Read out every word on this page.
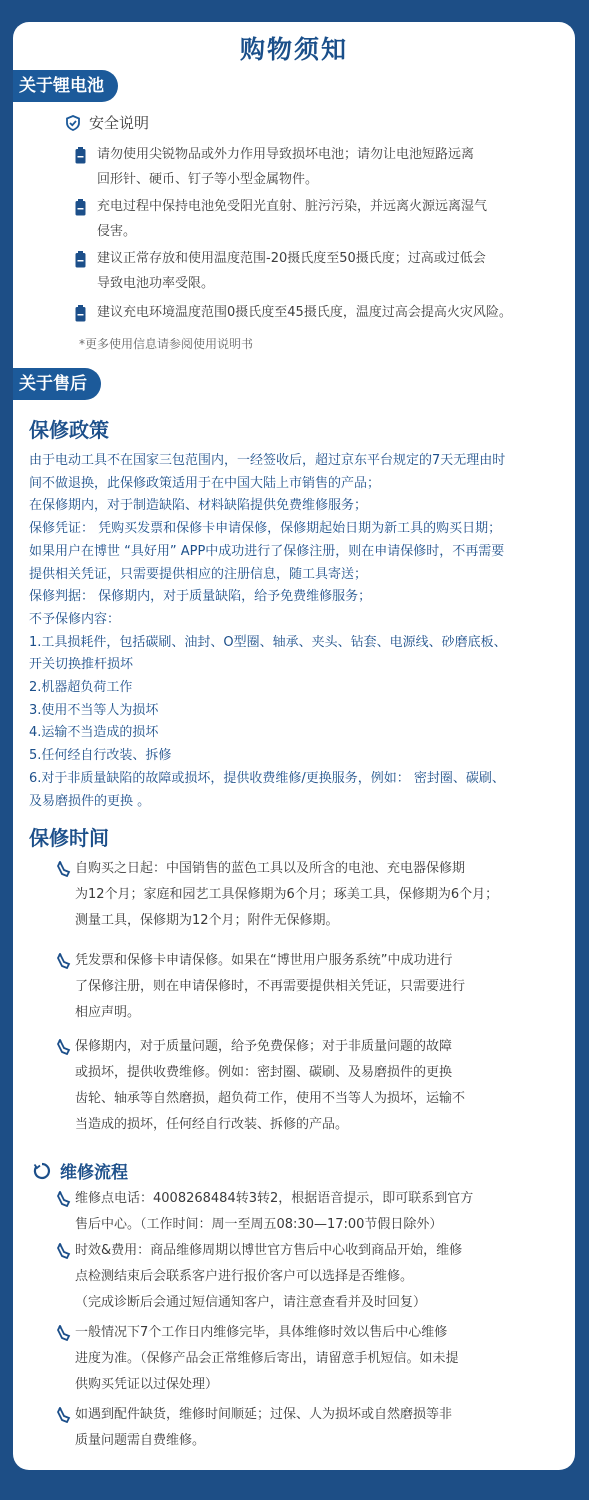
购物须知
关于锂电池
安全说明
请勿使用尖锐物品或外力作用导致损坏电池；请勿让电池短路远离
回形针、硬币、钉子等小型金属物件。
充电过程中保持电池免受阳光直射、脏污污染，并远离火源远离湿气
侵害。
建议正常存放和使用温度范围-20摄氏度至50摄氏度；过高或过低会
导致电池功率受限。
建议充电环境温度范围0摄氏度至45摄氏度，温度过高会提高火灾风险。
*更多使用信息请参阅使用说明书
关于售后
保修政策
由于电动工具不在国家三包范围内，一经签收后，超过京东平台规定的7天无理由时
间不做退换，此保修政策适用于在中国大陆上市销售的产品；
在保修期内，对于制造缺陷、材料缺陷提供免费维修服务；
保修凭证： 凭购买发票和保修卡申请保修，保修期起始日期为新工具的购买日期；
如果用户在博世 “具好用” APP中成功进行了保修注册，则在申请保修时，不再需要
提供相关凭证，只需要提供相应的注册信息，随工具寄送；
保修判据： 保修期内，对于质量缺陷，给予免费维修服务；
不予保修内容：
1.工具损耗件，包括碳刷、油封、O型圈、轴承、夹头、钻套、电源线、砂磨底板、
开关切换推杆损坏
2.机器超负荷工作
3.使用不当等人为损坏
4.运输不当造成的损坏
5.任何经自行改装、拆修
6.对于非质量缺陷的故障或损坏，提供收费维修/更换服务，例如： 密封圈、碳刷、
及易磨损件的更换 。
保修时间
自购买之日起：中国销售的蓝色工具以及所含的电池、充电器保修期
为12个月；家庭和园艺工具保修期为6个月；琢美工具，保修期为6个月；
测量工具，保修期为12个月；附件无保修期。
凭发票和保修卡申请保修。如果在“博世用户服务系统”中成功进行
了保修注册，则在申请保修时，不再需要提供相关凭证，只需要进行
相应声明。
保修期内，对于质量问题，给予免费保修；对于非质量问题的故障
或损坏，提供收费维修。例如：密封圈、碳刷、及易磨损件的更换
齿轮、轴承等自然磨损，超负荷工作，使用不当等人为损坏，运输不
当造成的损坏，任何经自行改装、拆修的产品。
维修流程
维修点电话：4008268484转3转2，根据语音提示，即可联系到官方
售后中心。（工作时间：周一至周五08:30—17:00节假日除外）
时效&费用：商品维修周期以博世官方售后中心收到商品开始，维修
点检测结束后会联系客户进行报价客户可以选择是否维修。
（完成诊断后会通过短信通知客户，请注意查看并及时回复）
一般情况下7个工作日内维修完毕，具体维修时效以售后中心维修
进度为准。（保修产品会正常维修后寄出，请留意手机短信。如未提
供购买凭证以过保处理）
如遇到配件缺货，维修时间顺延；过保、人为损坏或自然磨损等非
质量问题需自费维修。
